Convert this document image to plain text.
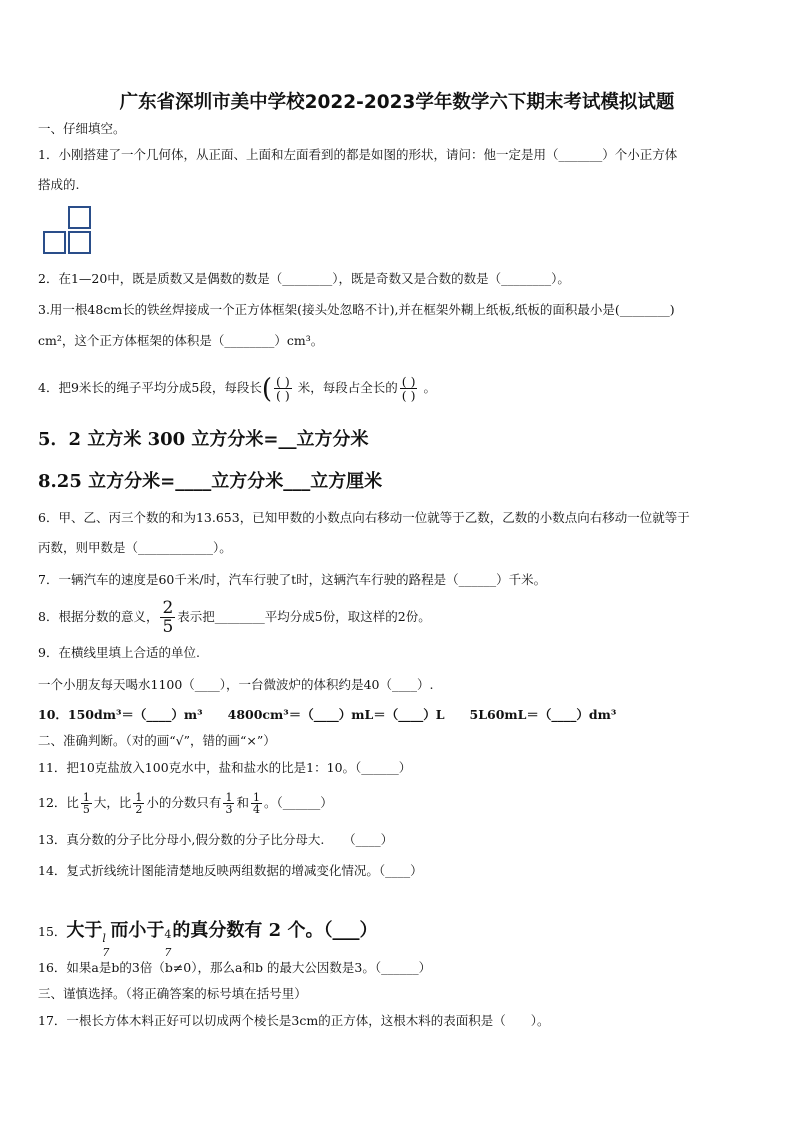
广东省深圳市美中学校2022-2023学年数学六下期末考试模拟试题
一、仔细填空。
1．小刚搭建了一个几何体，从正面、上面和左面看到的都是如图的形状，请问：他一定是用（_______）个小正方体
搭成的.
2．在1—20中，既是质数又是偶数的数是（________），既是奇数又是合数的数是（________）。
3.用一根48cm长的铁丝焊接成一个正方体框架(接头处忽略不计),并在框架外糊上纸板,纸板的面积最小是(________)
cm²，这个正方体框架的体积是（________）cm³。
4．把9米长的绳子平均分成5段，每段长( $\frac{( )}{( )}$ 米，每段占全长的 $\frac{( )}{( )}$ 。
5．2 立方米 300 立方分米=__立方分米
8.25 立方分米=____立方分米___立方厘米
6．甲、乙、丙三个数的和为13.653，已知甲数的小数点向右移动一位就等于乙数，乙数的小数点向右移动一位就等于
丙数，则甲数是（____________）。
7．一辆汽车的速度是60千米/时，汽车行驶了t时，这辆汽车行驶的路程是（______）千米。
8．根据分数的意义， $\frac{2}{5}$ 表示把________平均分成5份，取这样的2份。
9．在横线里填上合适的单位.
一个小朋友每天喝水1100（____），一台微波炉的体积约是40（____）.
10．150dm³＝（____）m³　　4800cm³＝（____）mL＝（____）L　　5L60mL＝（____）dm³
二、准确判断。（对的画“√”，错的画“×”）
11．把10克盐放入100克水中，盐和盐水的比是1：10。（______）
12．比 $\frac{1}{5}$ 大，比 $\frac{1}{2}$ 小的分数只有 $\frac{1}{3}$ 和 $\frac{1}{4}$ 。（______）
13．真分数的分子比分母小,假分数的分子比分母大.　　（____）
14．复式折线统计图能清楚地反映两组数据的增减变化情况。（____）
15．大于 l
7
而小于 4
7
的真分数有 2 个。（___）
16．如果a是b的3倍（b≠0），那么a和b 的最大公因数是3。（______）
三、谨慎选择。（将正确答案的标号填在括号里）
17．一根长方体木料正好可以切成两个棱长是3cm的正方体，这根木料的表面积是（　　）。
